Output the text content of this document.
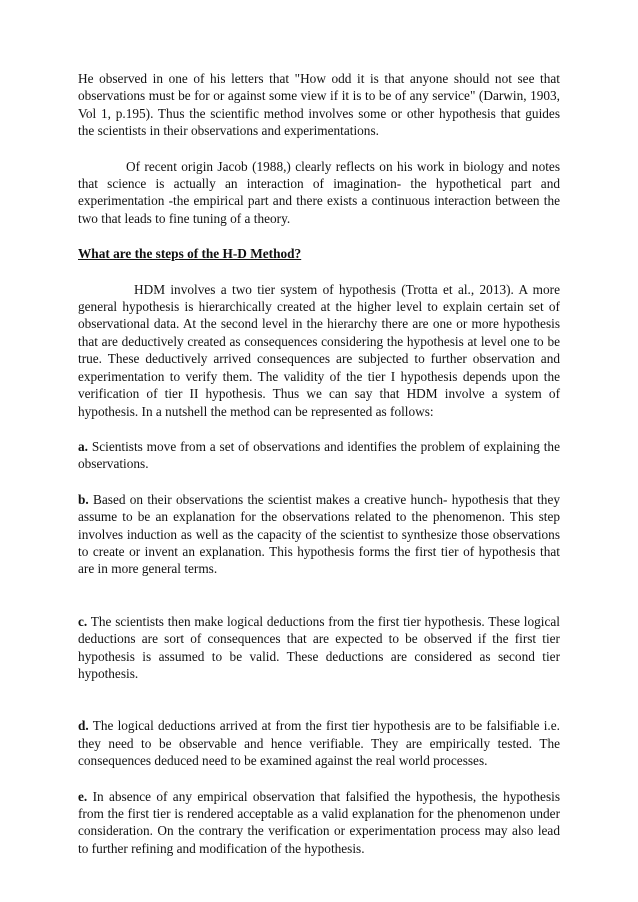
He observed in one of his letters that "How odd it is that anyone should not see that observations must be for or against some view if it is to be of any service" (Darwin, 1903, Vol 1, p.195). Thus the scientific method involves some or other hypothesis that guides the scientists in their observations and experimentations.

Of recent origin Jacob (1988,) clearly reflects on his work in biology and notes that science is actually an interaction of imagination- the hypothetical part and experimentation -the empirical part and there exists a continuous interaction between the two that leads to fine tuning of a theory.

What are the steps of the H-D Method?

HDM involves a two tier system of hypothesis (Trotta et al., 2013). A more general hypothesis is hierarchically created at the higher level to explain certain set of observational data. At the second level in the hierarchy there are one or more hypothesis that are deductively created as consequences considering the hypothesis at level one to be true. These deductively arrived consequences are subjected to further observation and experimentation to verify them. The validity of the tier I hypothesis depends upon the verification of tier II hypothesis. Thus we can say that HDM involve a system of hypothesis. In a nutshell the method can be represented as follows:

a. Scientists move from a set of observations and identifies the problem of explaining the observations.

b. Based on their observations the scientist makes a creative hunch- hypothesis that they assume to be an explanation for the observations related to the phenomenon. This step involves induction as well as the capacity of the scientist to synthesize those observations to create or invent an explanation. This hypothesis forms the first tier of hypothesis that are in more general terms.

c. The scientists then make logical deductions from the first tier hypothesis. These logical deductions are sort of consequences that are expected to be observed if the first tier hypothesis is assumed to be valid. These deductions are considered as second tier hypothesis.

d. The logical deductions arrived at from the first tier hypothesis are to be falsifiable i.e. they need to be observable and hence verifiable. They are empirically tested. The consequences deduced need to be examined against the real world processes.

e. In absence of any empirical observation that falsified the hypothesis, the hypothesis from the first tier is rendered acceptable as a valid explanation for the phenomenon under consideration. On the contrary the verification or experimentation process may also lead to further refining and modification of the hypothesis.
